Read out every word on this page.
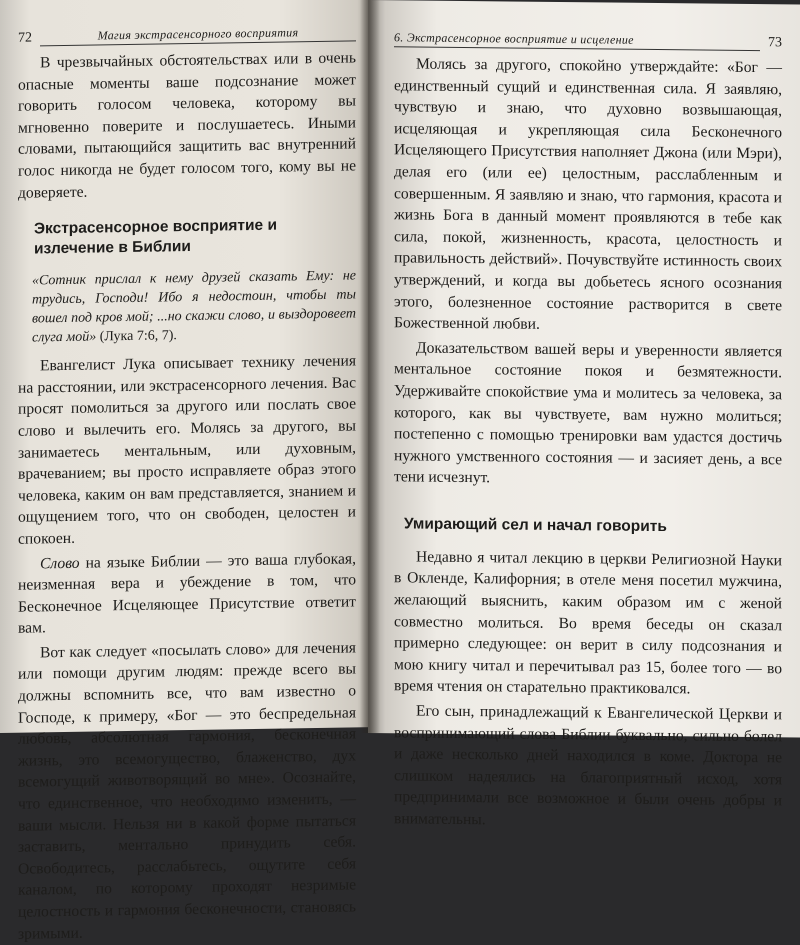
72	Магия экстрасенсорного восприятия

В чрезвычайных обстоятельствах или в очень опасные моменты ваше подсознание может говорить голосом человека, которому вы мгновенно поверите и послушаетесь. Иными словами, пытающийся защитить вас внутренний голос никогда не будет голосом того, кому вы не доверяете.

Экстрасенсорное восприятие и излечение в Библии

«Сотник прислал к нему друзей сказать Ему: не трудись, Господи! Ибо я недостоин, чтобы ты вошел под кров мой; ...но скажи слово, и выздоровеет слуга мой» (Лука 7:6, 7).

Евангелист Лука описывает технику лечения на расстоянии, или экстрасенсорного лечения. Вас просят помолиться за другого или послать свое слово и вылечить его. Молясь за другого, вы занимаетесь ментальным, или духовным, врачеванием; вы просто исправляете образ этого человека, каким он вам представляется, знанием и ощущением того, что он свободен, целостен и спокоен.

Слово на языке Библии — это ваша глубокая, неизменная вера и убеждение в том, что Бесконечное Исцеляющее Присутствие ответит вам.

Вот как следует «посылать слово» для лечения или помощи другим людям: прежде всего вы должны вспомнить все, что вам известно о Господе, к примеру, «Бог — это беспредельная любовь, абсолютная гармония, бесконечная жизнь, это всемогущество, блаженство, дух всемогущий животворящий во мне». Осознайте, что единственное, что необходимо изменить, — ваши мысли. Нельзя ни в какой форме пытаться заставить, ментально принудить себя. Освободитесь, расслабьтесь, ощутите себя каналом, по которому проходят незримые целостность и гармония бесконечности, становясь зримыми.

73
6. Экстрасенсорное восприятие и исцеление

Молясь за другого, спокойно утверждайте: «Бог — единственный сущий и единственная сила. Я заявляю, чувствую и знаю, что духовно возвышающая, исцеляющая и укрепляющая сила Бесконечного Исцеляющего Присутствия наполняет Джона (или Мэри), делая его (или ее) целостным, расслабленным и совершенным. Я заявляю и знаю, что гармония, красота и жизнь Бога в данный момент проявляются в тебе как сила, покой, жизненность, красота, целостность и правильность действий». Почувствуйте истинность своих утверждений, и когда вы добьетесь ясного осознания этого, болезненное состояние растворится в свете Божественной любви.

Доказательством вашей веры и уверенности является ментальное состояние покоя и безмятежности. Удерживайте спокойствие ума и молитесь за человека, за которого, как вы чувствуете, вам нужно молиться; постепенно с помощью тренировки вам удастся достичь нужного умственного состояния — и засияет день, а все тени исчезнут.

Умирающий сел и начал говорить

Недавно я читал лекцию в церкви Религиозной Науки в Окленде, Калифорния; в отеле меня посетил мужчина, желающий выяснить, каким образом им с женой совместно молиться. Во время беседы он сказал примерно следующее: он верит в силу подсознания и мою книгу читал и перечитывал раз 15, более того — во время чтения он старательно практиковался.

Его сын, принадлежащий к Евангелической Церкви и воспринимающий слова Библии буквально, сильно болел и даже несколько дней находился в коме. Доктора не слишком надеялись на благоприятный исход, хотя предпринимали все возможное и были очень добры и внимательны.
